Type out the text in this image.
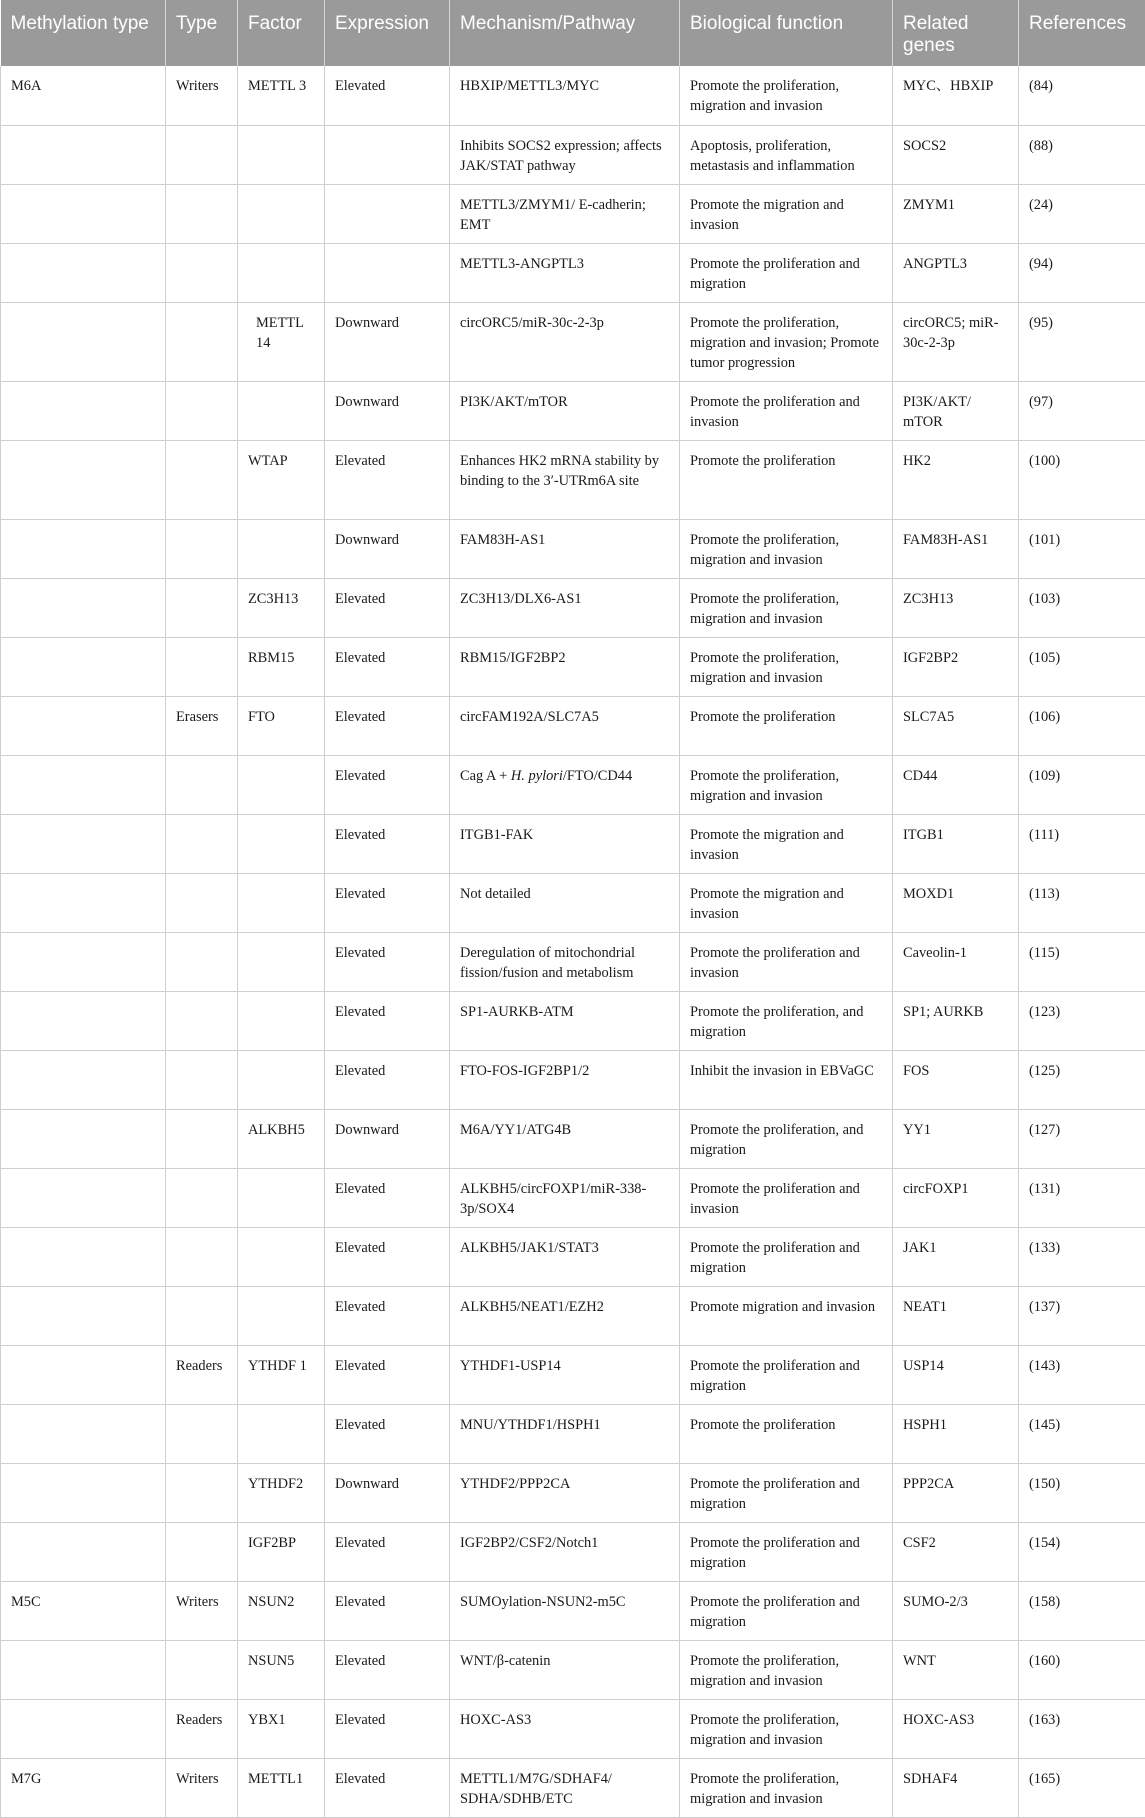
Methylation type	Type	Factor	Expression	Mechanism/Pathway	Biological function	Related genes	References
M6A	Writers	METTL 3	Elevated	HBXIP/METTL3/MYC	Promote the proliferation, migration and invasion	MYC、HBXIP	(84)
				Inhibits SOCS2 expression; affects JAK/STAT pathway	Apoptosis, proliferation, metastasis and inflammation	SOCS2	(88)
				METTL3/ZMYM1/ E-cadherin; EMT	Promote the migration and invasion	ZMYM1	(24)
				METTL3-ANGPTL3	Promote the proliferation and migration	ANGPTL3	(94)
		METTL 14	Downward	circORC5/miR-30c-2-3p	Promote the proliferation, migration and invasion; Promote tumor progression	circORC5; miR-30c-2-3p	(95)
			Downward	PI3K/AKT/mTOR	Promote the proliferation and invasion	PI3K/AKT/ mTOR	(97)
		WTAP	Elevated	Enhances HK2 mRNA stability by binding to the 3′-UTRm6A site	Promote the proliferation	HK2	(100)
			Downward	FAM83H-AS1	Promote the proliferation, migration and invasion	FAM83H-AS1	(101)
		ZC3H13	Elevated	ZC3H13/DLX6-AS1	Promote the proliferation, migration and invasion	ZC3H13	(103)
		RBM15	Elevated	RBM15/IGF2BP2	Promote the proliferation, migration and invasion	IGF2BP2	(105)
	Erasers	FTO	Elevated	circFAM192A/SLC7A5	Promote the proliferation	SLC7A5	(106)
			Elevated	Cag A + H. pylori/FTO/CD44	Promote the proliferation, migration and invasion	CD44	(109)
			Elevated	ITGB1-FAK	Promote the migration and invasion	ITGB1	(111)
			Elevated	Not detailed	Promote the migration and invasion	MOXD1	(113)
			Elevated	Deregulation of mitochondrial fission/fusion and metabolism	Promote the proliferation and invasion	Caveolin-1	(115)
			Elevated	SP1-AURKB-ATM	Promote the proliferation, and migration	SP1; AURKB	(123)
			Elevated	FTO-FOS-IGF2BP1/2	Inhibit the invasion in EBVaGC	FOS	(125)
		ALKBH5	Downward	M6A/YY1/ATG4B	Promote the proliferation, and migration	YY1	(127)
			Elevated	ALKBH5/circFOXP1/miR-338-3p/SOX4	Promote the proliferation and invasion	circFOXP1	(131)
			Elevated	ALKBH5/JAK1/STAT3	Promote the proliferation and migration	JAK1	(133)
			Elevated	ALKBH5/NEAT1/EZH2	Promote migration and invasion	NEAT1	(137)
	Readers	YTHDF 1	Elevated	YTHDF1-USP14	Promote the proliferation and migration	USP14	(143)
			Elevated	MNU/YTHDF1/HSPH1	Promote the proliferation	HSPH1	(145)
		YTHDF2	Downward	YTHDF2/PPP2CA	Promote the proliferation and migration	PPP2CA	(150)
		IGF2BP	Elevated	IGF2BP2/CSF2/Notch1	Promote the proliferation and migration	CSF2	(154)
M5C	Writers	NSUN2	Elevated	SUMOylation-NSUN2-m5C	Promote the proliferation and migration	SUMO-2/3	(158)
		NSUN5	Elevated	WNT/β-catenin	Promote the proliferation, migration and invasion	WNT	(160)
	Readers	YBX1	Elevated	HOXC-AS3	Promote the proliferation, migration and invasion	HOXC-AS3	(163)
M7G	Writers	METTL1	Elevated	METTL1/M7G/SDHAF4/ SDHA/SDHB/ETC	Promote the proliferation, migration and invasion	SDHAF4	(165)
